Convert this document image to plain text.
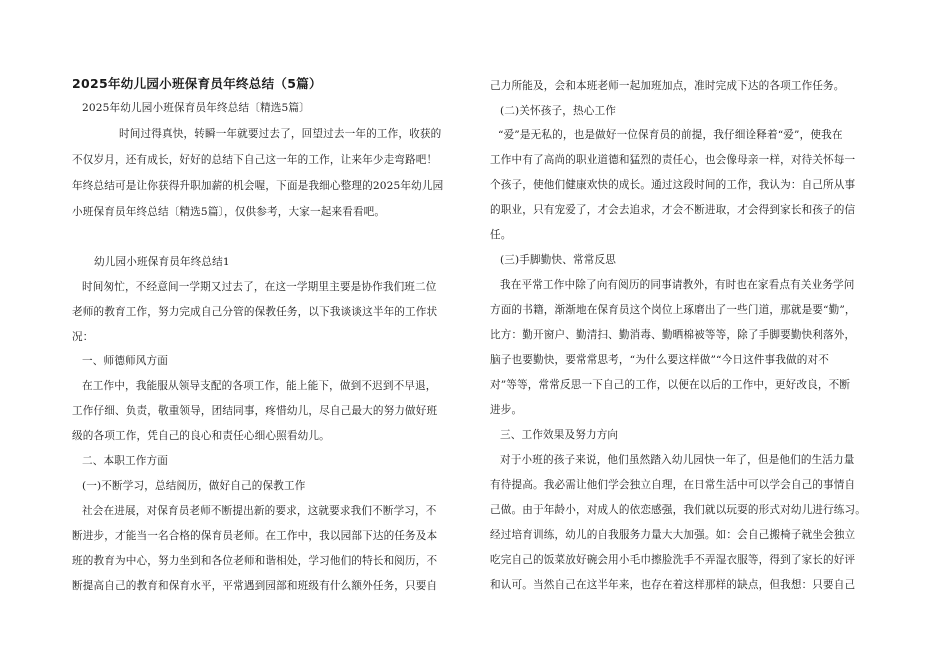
2025年幼儿园小班保育员年终总结（5篇）
2025年幼儿园小班保育员年终总结〔精选5篇〕
时间过得真快，转瞬一年就要过去了，回望过去一年的工作，收获的
不仅岁月，还有成长，好好的总结下自己这一年的工作，让来年少走弯路吧！
年终总结可是让你获得升职加薪的机会喔，下面是我细心整理的2025年幼儿园
小班保育员年终总结〔精选5篇〕，仅供参考，大家一起来看看吧。
幼儿园小班保育员年终总结1
时间匆忙，不经意间一学期又过去了，在这一学期里主要是协作我们班二位
老师的教育工作，努力完成自己分管的保教任务，以下我谈谈这半年的工作状
况：
一、师德师风方面
在工作中，我能服从领导支配的各项工作，能上能下，做到不迟到不早退，
工作仔细、负责，敬重领导，团结同事，疼惜幼儿，尽自己最大的努力做好班
级的各项工作，凭自己的良心和责任心细心照看幼儿。
二、本职工作方面
(一)不断学习，总结阅历，做好自己的保教工作
社会在进展，对保育员老师不断提出新的要求，这就要求我们不断学习，不
断进步，才能当一名合格的保育员老师。在工作中，我以园部下达的任务及本
班的教育为中心，努力坐到和各位老师和谐相处，学习他们的特长和阅历，不
断提高自己的教育和保育水平，平常遇到园部和班级有什么额外任务，只要自
己力所能及，会和本班老师一起加班加点，准时完成下达的各项工作任务。
(二)关怀孩子，热心工作
“爱”是无私的，也是做好一位保育员的前提，我仔细诠释着“爱”，使我在
工作中有了高尚的职业道德和猛烈的责任心，也会像母亲一样，对待关怀每一
个孩子，使他们健康欢快的成长。通过这段时间的工作，我认为：自己所从事
的职业，只有宠爱了，才会去追求，才会不断进取，才会得到家长和孩子的信
任。
(三)手脚勤快、常常反思
我在平常工作中除了向有阅历的同事请教外，有时也在家看点有关业务学问
方面的书籍，渐渐地在保育员这个岗位上琢磨出了一些门道，那就是要“勤”，
比方：勤开窗户、勤清扫、勤消毒、勤晒棉被等等，除了手脚要勤快利落外，
脑子也要勤快，要常常思考，“为什么要这样做”“今日这件事我做的对不
对”等等，常常反思一下自己的工作，以便在以后的工作中，更好改良，不断
进步。
三、工作效果及努力方向
对于小班的孩子来说，他们虽然踏入幼儿园快一年了，但是他们的生活力量
有待提高。我必需让他们学会独立自理，在日常生活中可以学会自己的事情自
己做。由于年龄小，对成人的依恋感强，我们就以玩耍的形式对幼儿进行练习。
经过培育训练，幼儿的自我服务力量大大加强。如：会自己搬椅子就坐会独立
吃完自己的饭菜放好碗会用小毛巾擦脸洗手不弄湿衣服等，得到了家长的好评
和认可。当然自己在这半年来，也存在着这样那样的缺点，但我想：只要自己
